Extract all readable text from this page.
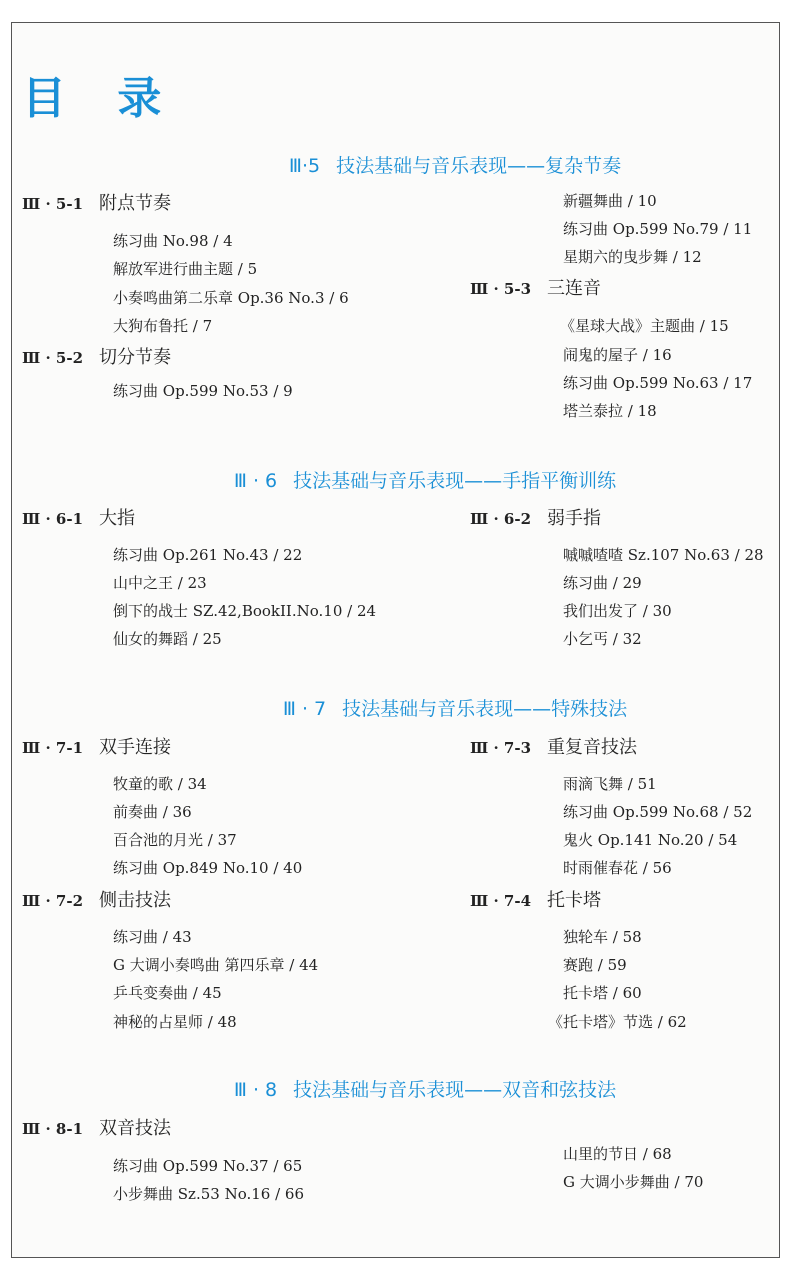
目 录
Ⅲ·5 技法基础与音乐表现——复杂节奏
Ⅲ · 6 技法基础与音乐表现——手指平衡训练
Ⅲ · 7 技法基础与音乐表现——特殊技法
Ⅲ · 8 技法基础与音乐表现——双音和弦技法
Ⅲ · 5-1 附点节奏
Ⅲ · 5-2 切分节奏
Ⅲ · 5-3 三连音
Ⅲ · 6-1 大指	Ⅲ · 6-2 弱手指
Ⅲ · 7-1 双手连接
Ⅲ · 7-2 侧击技法
Ⅲ · 7-3 重复音技法
Ⅲ · 7-4 托卡塔
Ⅲ · 8-1 双音技法
练习曲 No.98 / 4
解放军进行曲主题 / 5
小奏鸣曲第二乐章 Op.36 No.3 / 6
大狗布鲁托 / 7
练习曲 Op.599 No.53 / 9
新疆舞曲 / 10
练习曲 Op.599 No.79 / 11
星期六的曳步舞 / 12
《星球大战》主题曲 / 15
闹鬼的屋子 / 16
练习曲 Op.599 No.63 / 17
塔兰泰拉 / 18
练习曲 Op.261 No.43 / 22
山中之王 / 23
倒下的战士 SZ.42,BookII.No.10 / 24
仙女的舞蹈 / 25
嘁嘁喳喳 Sz.107 No.63 / 28
练习曲 / 29
我们出发了 / 30
小乞丐 / 32
牧童的歌 / 34
前奏曲 / 36
百合池的月光 / 37
练习曲 Op.849 No.10 / 40
练习曲 / 43
G 大调小奏鸣曲 第四乐章 / 44
乒乓变奏曲 / 45
神秘的占星师 / 48
雨滴飞舞 / 51
练习曲 Op.599 No.68 / 52
鬼火 Op.141 No.20 / 54
时雨催春花 / 56
独轮车 / 58
赛跑 / 59
托卡塔 / 60
《托卡塔》节选 / 62
练习曲 Op.599 No.37 / 65
小步舞曲 Sz.53 No.16 / 66
山里的节日 / 68
G 大调小步舞曲 / 70
